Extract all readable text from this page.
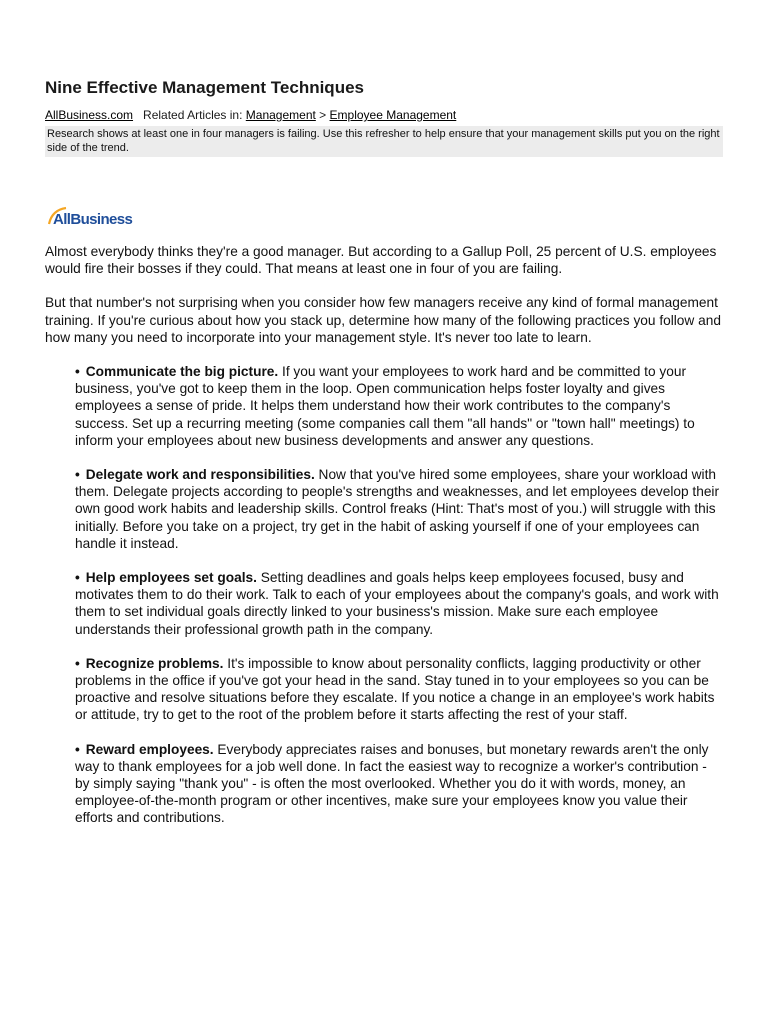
Nine Effective Management Techniques
AllBusiness.com Related Articles in: Management > Employee Management
Research shows at least one in four managers is failing. Use this refresher to help ensure that your management skills put you on the right side of the trend.
AllBusiness

Almost everybody thinks they're a good manager. But according to a Gallup Poll, 25 percent of U.S. employees would fire their bosses if they could. That means at least one in four of you are failing.

But that number's not surprising when you consider how few managers receive any kind of formal management training. If you're curious about how you stack up, determine how many of the following practices you follow and how many you need to incorporate into your management style. It's never too late to learn.

• Communicate the big picture. If you want your employees to work hard and be committed to your business, you've got to keep them in the loop. Open communication helps foster loyalty and gives employees a sense of pride. It helps them understand how their work contributes to the company's success. Set up a recurring meeting (some companies call them "all hands" or "town hall" meetings) to inform your employees about new business developments and answer any questions.
• Delegate work and responsibilities. Now that you've hired some employees, share your workload with them. Delegate projects according to people's strengths and weaknesses, and let employees develop their own good work habits and leadership skills. Control freaks (Hint: That's most of you.) will struggle with this initially. Before you take on a project, try get in the habit of asking yourself if one of your employees can handle it instead.
• Help employees set goals. Setting deadlines and goals helps keep employees focused, busy and motivates them to do their work. Talk to each of your employees about the company's goals, and work with them to set individual goals directly linked to your business's mission. Make sure each employee understands their professional growth path in the company.
• Recognize problems. It's impossible to know about personality conflicts, lagging productivity or other problems in the office if you've got your head in the sand. Stay tuned in to your employees so you can be proactive and resolve situations before they escalate. If you notice a change in an employee's work habits or attitude, try to get to the root of the problem before it starts affecting the rest of your staff.
• Reward employees. Everybody appreciates raises and bonuses, but monetary rewards aren't the only way to thank employees for a job well done. In fact the easiest way to recognize a worker's contribution - by simply saying "thank you" - is often the most overlooked. Whether you do it with words, money, an employee-of-the-month program or other incentives, make sure your employees know you value their efforts and contributions.
